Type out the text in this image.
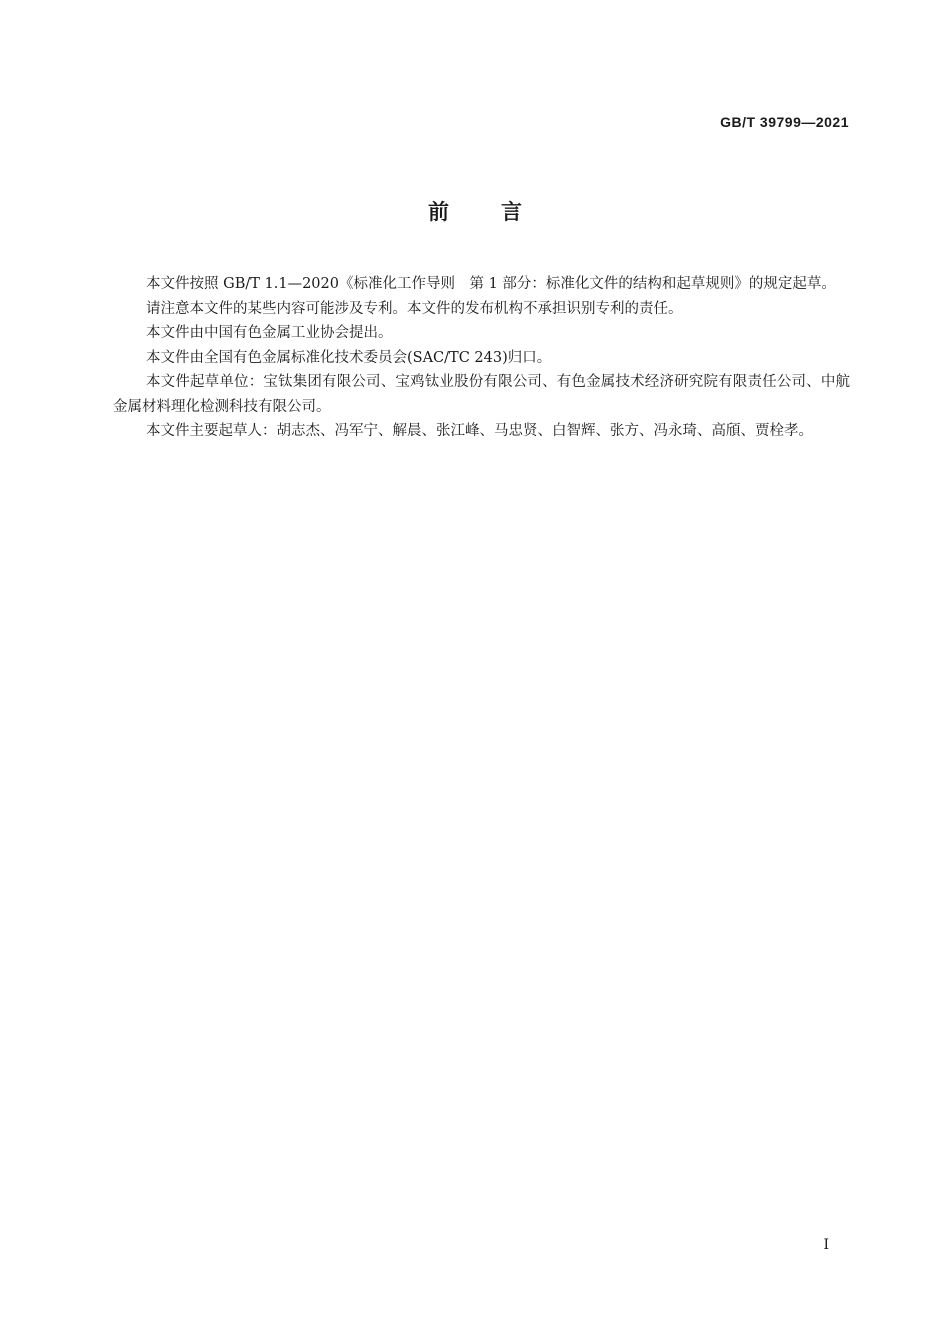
GB/T 39799—2021
前 言

本文件按照 GB/T 1.1—2020《标准化工作导则　第 1 部分：标准化文件的结构和起草规则》的规定起草。

请注意本文件的某些内容可能涉及专利。本文件的发布机构不承担识别专利的责任。

本文件由中国有色金属工业协会提出。

本文件由全国有色金属标准化技术委员会(SAC/TC 243)归口。

本文件起草单位：宝钛集团有限公司、宝鸡钛业股份有限公司、有色金属技术经济研究院有限责任公司、中航金属材料理化检测科技有限公司。

本文件主要起草人：胡志杰、冯军宁、解晨、张江峰、马忠贤、白智辉、张方、冯永琦、高頎、贾栓孝。

I
